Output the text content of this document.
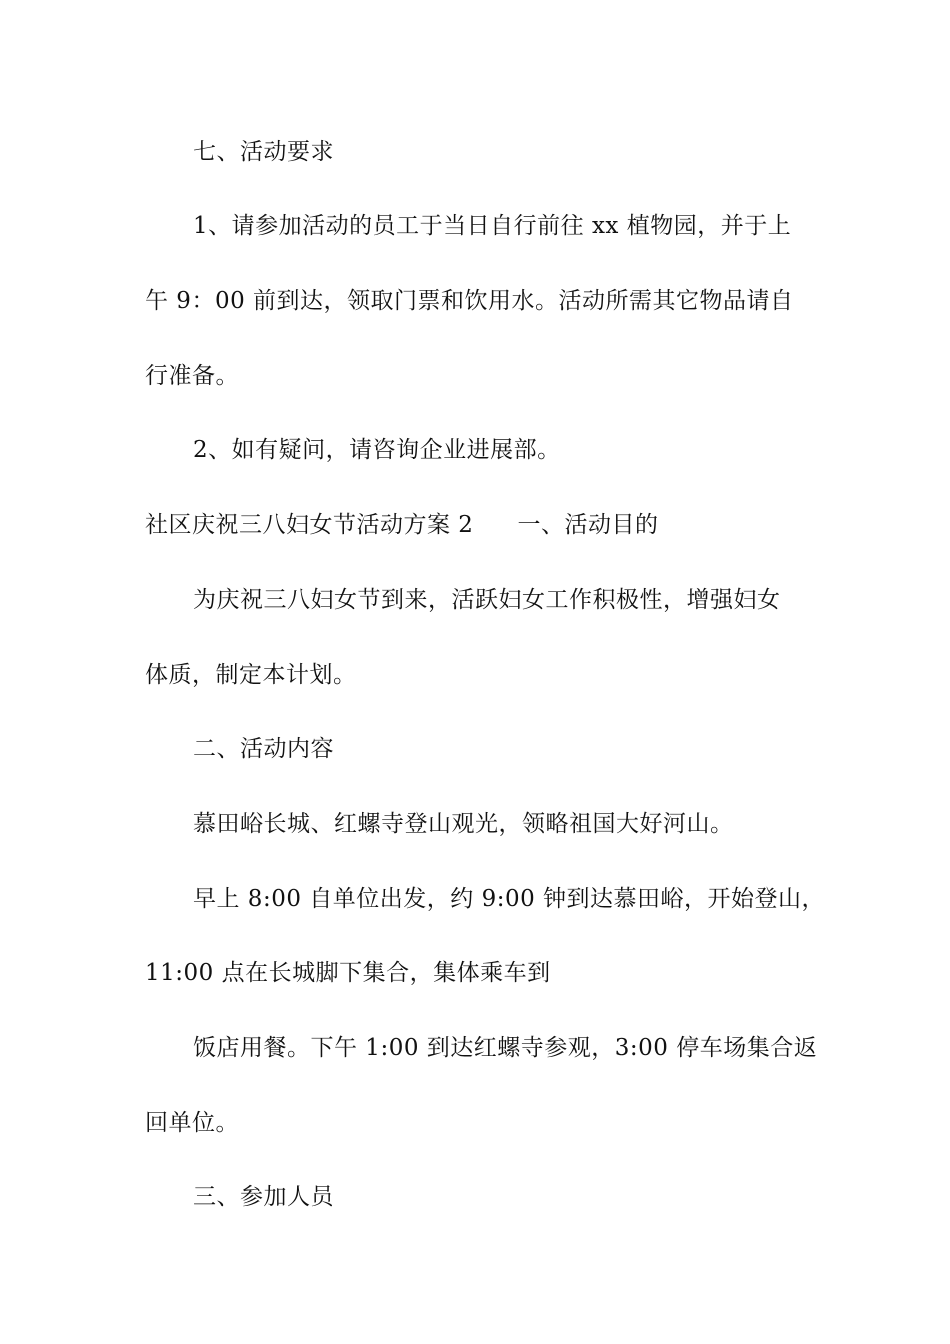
七、活动要求
1、请参加活动的员工于当日自行前往 xx 植物园，并于上
午 9：00 前到达，领取门票和饮用水。活动所需其它物品请自
行准备。
2、如有疑问，请咨询企业进展部。
社区庆祝三八妇女节活动方案 2 一、活动目的
为庆祝三八妇女节到来，活跃妇女工作积极性，增强妇女
体质，制定本计划。
二、活动内容
慕田峪长城、红螺寺登山观光，领略祖国大好河山。
早上 8:00 自单位出发，约 9:00 钟到达慕田峪，开始登山，
11:00 点在长城脚下集合，集体乘车到
饭店用餐。下午 1:00 到达红螺寺参观，3:00 停车场集合返
回单位。
三、参加人员
